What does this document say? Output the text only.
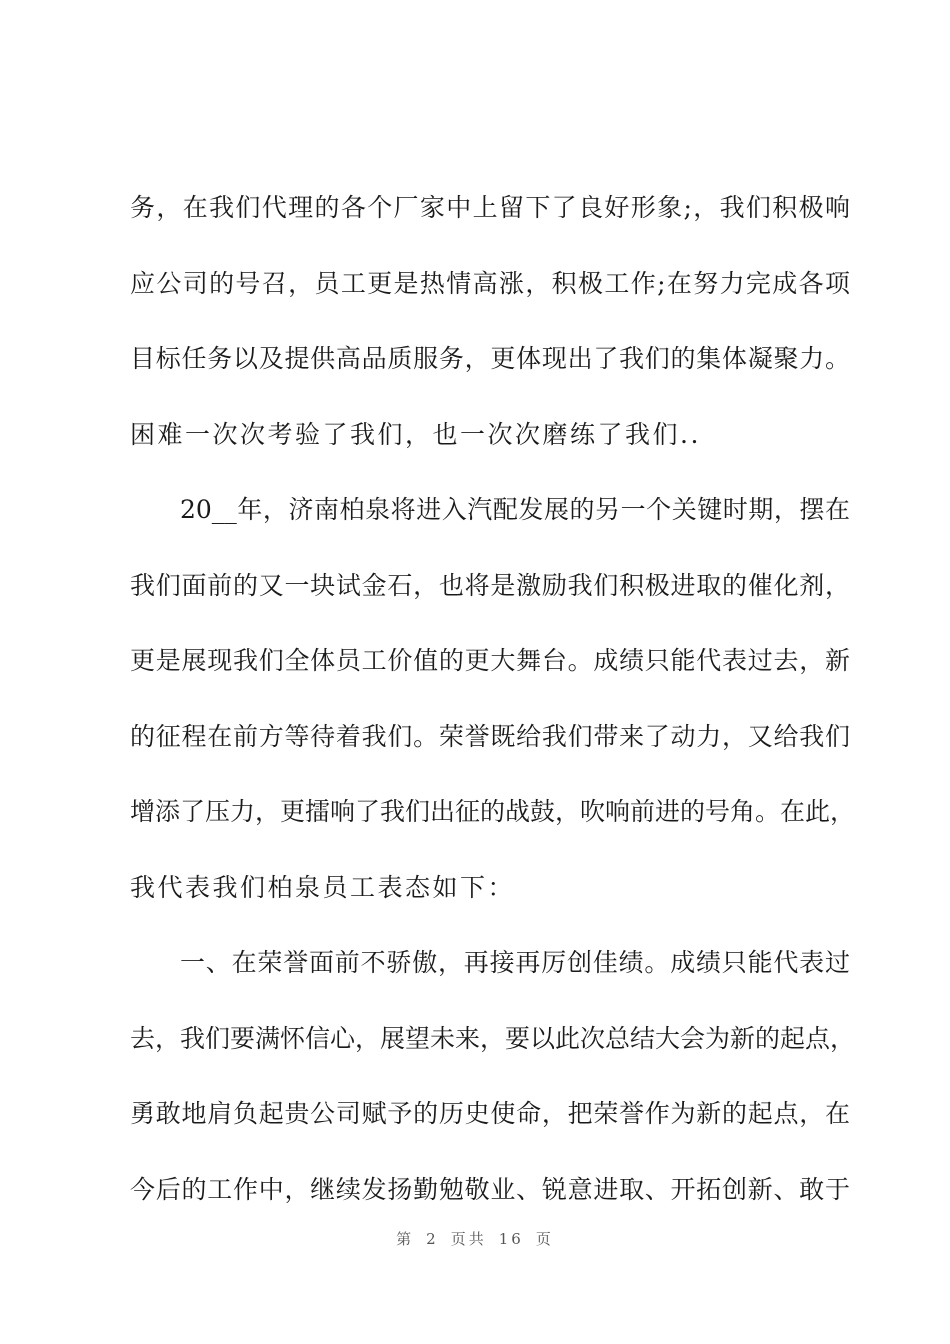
务，在我们代理的各个厂家中上留下了良好形象;，我们积极响
应公司的号召，员工更是热情高涨，积极工作;在努力完成各项
目标任务以及提供高品质服务，更体现出了我们的集体凝聚力。
困难一次次考验了我们，也一次次磨练了我们..
20__年，济南柏泉将进入汽配发展的另一个关键时期，摆在
我们面前的又一块试金石，也将是激励我们积极进取的催化剂，
更是展现我们全体员工价值的更大舞台。成绩只能代表过去，新
的征程在前方等待着我们。荣誉既给我们带来了动力，又给我们
增添了压力，更擂响了我们出征的战鼓，吹响前进的号角。在此，
我代表我们柏泉员工表态如下：
一、在荣誉面前不骄傲，再接再厉创佳绩。成绩只能代表过
去，我们要满怀信心，展望未来，要以此次总结大会为新的起点，
勇敢地肩负起贵公司赋予的历史使命，把荣誉作为新的起点，在
今后的工作中，继续发扬勤勉敬业、锐意进取、开拓创新、敢于
第 2 页共 16 页
